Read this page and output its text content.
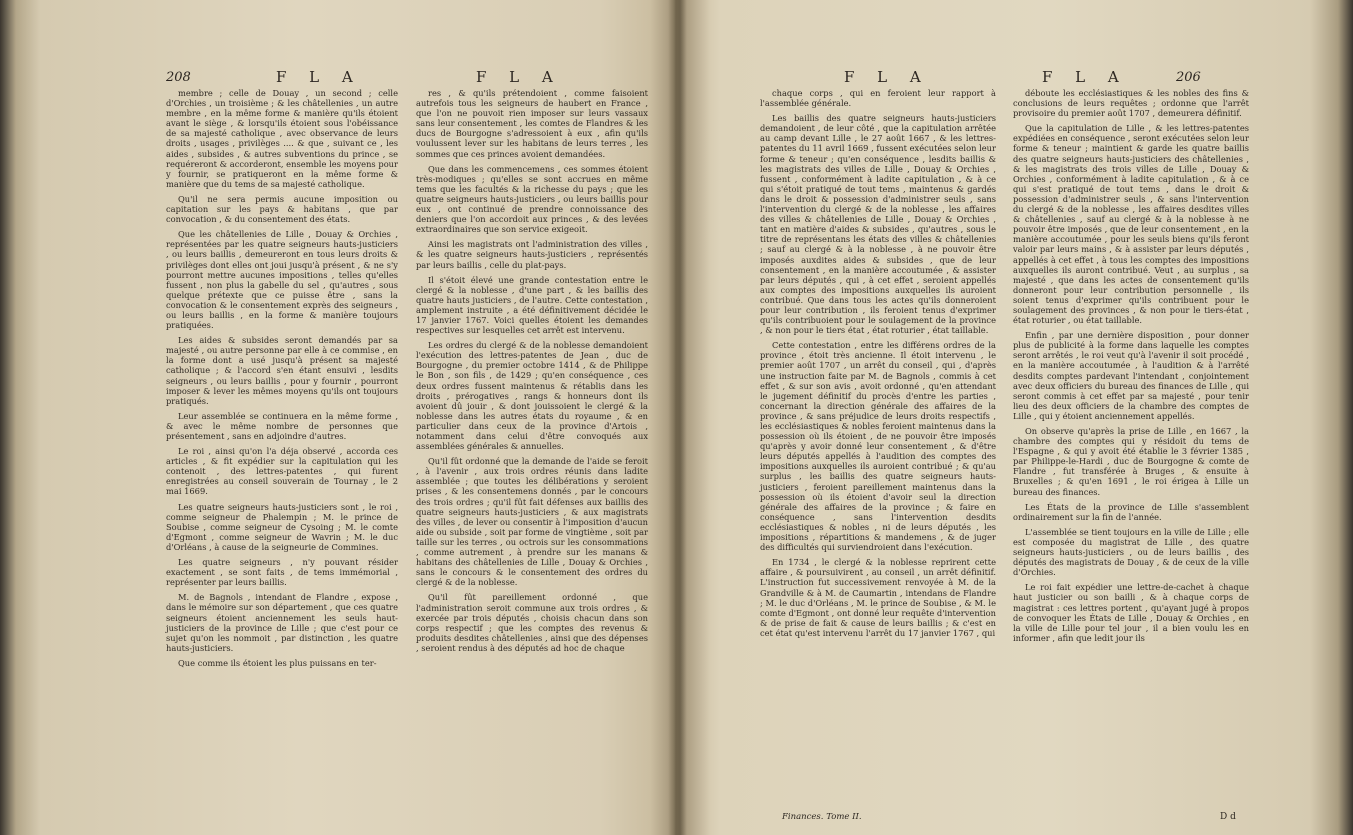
208	F L A	F L A

membre ; celle de Douay , un second ; celle d'Orchies , un troisième ; & les châtellenies , un autre membre , en la même forme & manière qu'ils étoient avant le siège , & lorsqu'ils étoient sous l'obéissance de sa majesté catholique , avec observance de leurs droits , usages , privilèges .... & que , suivant ce , les aides , subsides , & autres subventions du prince , se requéreront & accorderont, ensemble les moyens pour y fournir, se pratiqueront en la même forme & manière que du tems de sa majesté catholique.

Qu'il ne sera permis aucune imposition ou capitation sur les pays & habitans , que par convocation , & du consentement des états.

Que les châtellenies de Lille , Douay & Orchies , représentées par les quatre seigneurs hauts-justiciers , ou leurs baillis , demeureront en tous leurs droits & privilèges dont elles ont joui jusqu'à présent , & ne s'y pourront mettre aucunes impositions , telles qu'elles fussent , non plus la gabelle du sel , qu'autres , sous quelque prétexte que ce puisse être , sans la convocation & le consentement exprès des seigneurs , ou leurs baillis , en la forme & manière toujours pratiquées.

Les aides & subsides seront demandés par sa majesté , ou autre personne par elle à ce commise , en la forme dont a usé jusqu'à présent sa majesté catholique ; & l'accord s'en étant ensuivi , lesdits seigneurs , ou leurs baillis , pour y fournir , pourront imposer & lever les mêmes moyens qu'ils ont toujours pratiqués.

Leur assemblée se continuera en la même forme , & avec le même nombre de personnes que présentement , sans en adjoindre d'autres.

Le roi , ainsi qu'on l'a déja observé , accorda ces articles , & fit expédier sur la capitulation qui les contenoit , des lettres-patentes , qui furent enregistrées au conseil souverain de Tournay , le 2 mai 1669.

Les quatre seigneurs hauts-justiciers sont , le roi , comme seigneur de Phalempin ; M. le prince de Soubise , comme seigneur de Cysoing ; M. le comte d'Egmont , comme seigneur de Wavrin ; M. le duc d'Orléans , à cause de la seigneurie de Commines.

Les quatre seigneurs , n'y pouvant résider exactement , se sont faits , de tems immémorial , représenter par leurs baillis.

M. de Bagnols , intendant de Flandre , expose , dans le mémoire sur son département , que ces quatre seigneurs étoient anciennement les seuls haut-justiciers de la province de Lille ; que c'est pour ce sujet qu'on les nommoit , par distinction , les quatre hauts-justiciers.

Que comme ils étoient les plus puissans en ter-

res , & qu'ils prétendoient , comme faisoient autrefois tous les seigneurs de haubert en France , que l'on ne pouvoit rien imposer sur leurs vassaux sans leur consentement , les comtes de Flandres & les ducs de Bourgogne s'adressoient à eux , afin qu'ils voulussent lever sur les habitans de leurs terres , les sommes que ces princes avoient demandées.

Que dans les commencemens , ces sommes étoient très-modiques ; qu'elles se sont accrues en même tems que les facultés & la richesse du pays ; que les quatre seigneurs hauts-justiciers , ou leurs baillis pour eux , ont continué de prendre connoissance des deniers que l'on accordoit aux princes , & des levées extraordinaires que son service exigeoit.

Ainsi les magistrats ont l'administration des villes , & les quatre seigneurs hauts-justiciers , représentés par leurs baillis , celle du plat-pays.

Il s'étoit élevé une grande contestation entre le clergé & la noblesse , d'une part , & les baillis des quatre hauts justiciers , de l'autre. Cette contestation , amplement instruite , a été définitivement décidée le 17 janvier 1767. Voici quelles étoient les demandes respectives sur lesquelles cet arrêt est intervenu.

Les ordres du clergé & de la noblesse demandoient l'exécution des lettres-patentes de Jean , duc de Bourgogne , du premier octobre 1414 , & de Philippe le Bon , son fils , de 1429 ; qu'en conséquence , ces deux ordres fussent maintenus & rétablis dans les droits , prérogatives , rangs & honneurs dont ils avoient dû jouir , & dont jouissoient le clergé & la noblesse dans les autres états du royaume , & en particulier dans ceux de la province d'Artois , notamment dans celui d'être convoqués aux assemblées générales & annuelles.

Qu'il fût ordonné que la demande de l'aide se feroit , à l'avenir , aux trois ordres réunis dans ladite assemblée ; que toutes les délibérations y seroient prises , & les consentemens donnés , par le concours des trois ordres ; qu'il fût fait défenses aux baillis des quatre seigneurs hauts-justiciers , & aux magistrats des villes , de lever ou consentir à l'imposition d'aucun aide ou subside , soit par forme de vingtième , soit par taille sur les terres , ou octrois sur les consommations , comme autrement , à prendre sur les manans & habitans des châtellenies de Lille , Douay & Orchies , sans le concours & le consentement des ordres du clergé & de la noblesse.

Qu'il fût pareillement ordonné , que l'administration seroit commune aux trois ordres , & exercée par trois députés , choisis chacun dans son corps respectif ; que les comptes des revenus & produits desdites châtellenies , ainsi que des dépenses , seroient rendus à des députés ad hoc de chaque

F L A	F L A	206

chaque corps , qui en feroient leur rapport à l'assemblée générale.

Les baillis des quatre seigneurs hauts-justiciers demandoient , de leur côté , que la capitulation arrêtée au camp devant Lille , le 27 août 1667 , & les lettres-patentes du 11 avril 1669 , fussent exécutées selon leur forme & teneur ; qu'en conséquence , lesdits baillis & les magistrats des villes de Lille , Douay & Orchies , fussent , conformément à ladite capitulation , & à ce qui s'étoit pratiqué de tout tems , maintenus & gardés dans le droit & possession d'administrer seuls , sans l'intervention du clergé & de la noblesse , les affaires des villes & châtellenies de Lille , Douay & Orchies , tant en matière d'aides & subsides , qu'autres , sous le titre de représentans les états des villes & châtellenies ; sauf au clergé & à la noblesse , à ne pouvoir être imposés auxdites aides & subsides , que de leur consentement , en la manière accoutumée , & assister par leurs députés , qui , à cet effet , seroient appellés aux comptes des impositions auxquelles ils auroient contribué. Que dans tous les actes qu'ils donneroient pour leur contribution , ils feroient tenus d'exprimer qu'ils contribuoient pour le soulagement de la province , & non pour le tiers état , état roturier , état taillable.

Cette contestation , entre les différens ordres de la province , étoit très ancienne. Il étoit intervenu , le premier août 1707 , un arrêt du conseil , qui , d'après une instruction faite par M. de Bagnols , commis à cet effet , & sur son avis , avoit ordonné , qu'en attendant le jugement définitif du procès d'entre les parties , concernant la direction générale des affaires de la province , & sans préjudice de leurs droits respectifs , les ecclésiastiques & nobles feroient maintenus dans la possession où ils étoient , de ne pouvoir être imposés qu'après y avoir donné leur consentement , & d'être leurs députés appellés à l'audition des comptes des impositions auxquelles ils auroient contribué ; & qu'au surplus , les baillis des quatre seigneurs hauts-justiciers , feroient pareillement maintenus dans la possession où ils étoient d'avoir seul la direction générale des affaires de la province ; & faire en conséquence , sans l'intervention desdits ecclésiastiques & nobles , ni de leurs députés , les impositions , répartitions & mandemens , & de juger des difficultés qui surviendroient dans l'exécution.

En 1734 , le clergé & la noblesse reprirent cette affaire , & poursuivirent , au conseil , un arrêt définitif. L'instruction fut successivement renvoyée à M. de la Grandville & à M. de Caumartin , intendans de Flandre ; M. le duc d'Orléans , M. le prince de Soubise , & M. le comte d'Egmont , ont donné leur requête d'intervention & de prise de fait & cause de leurs baillis ; & c'est en cet état qu'est intervenu l'arrêt du 17 janvier 1767 , qui

déboute les ecclésiastiques & les nobles des fins & conclusions de leurs requêtes ; ordonne que l'arrêt provisoire du premier août 1707 , demeurera définitif.

Que la capitulation de Lille , & les lettres-patentes expédiées en conséquence , seront exécutées selon leur forme & teneur ; maintient & garde les quatre baillis des quatre seigneurs hauts-justiciers des châtellenies , & les magistrats des trois villes de Lille , Douay & Orchies , conformément à ladite capitulation , & à ce qui s'est pratiqué de tout tems , dans le droit & possession d'administrer seuls , & sans l'intervention du clergé & de la noblesse , les affaires desdites villes & châtellenies , sauf au clergé & à la noblesse à ne pouvoir être imposés , que de leur consentement , en la manière accoutumée , pour les seuls biens qu'ils feront valoir par leurs mains , & à assister par leurs députés , appellés à cet effet , à tous les comptes des impositions auxquelles ils auront contribué. Veut , au surplus , sa majesté , que dans les actes de consentement qu'ils donneront pour leur contribution personnelle , ils soient tenus d'exprimer qu'ils contribuent pour le soulagement des provinces , & non pour le tiers-état , état roturier , ou état taillable.

Enfin , par une dernière disposition , pour donner plus de publicité à la forme dans laquelle les comptes seront arrêtés , le roi veut qu'à l'avenir il soit procédé , en la manière accoutumée , à l'audition & à l'arrêté desdits comptes pardevant l'intendant , conjointement avec deux officiers du bureau des finances de Lille , qui seront commis à cet effet par sa majesté , pour tenir lieu des deux officiers de la chambre des comptes de Lille , qui y étoient anciennement appellés.

On observe qu'après la prise de Lille , en 1667 , la chambre des comptes qui y résidoit du tems de l'Espagne , & qui y avoit été établie le 3 février 1385 , par Philippe-le-Hardi , duc de Bourgogne & comte de Flandre , fut transférée à Bruges , & ensuite à Bruxelles ; & qu'en 1691 , le roi érigea à Lille un bureau des finances.

Les États de la province de Lille s'assemblent ordinairement sur la fin de l'année.

L'assemblée se tient toujours en la ville de Lille ; elle est composée du magistrat de Lille , des quatre seigneurs hauts-justiciers , ou de leurs baillis , des députés des magistrats de Douay , & de ceux de la ville d'Orchies.

Le roi fait expédier une lettre-de-cachet à chaque haut justicier ou son bailli , & à chaque corps de magistrat : ces lettres portent , qu'ayant jugé à propos de convoquer les États de Lille , Douay & Orchies , en la ville de Lille pour tel jour , il a bien voulu les en informer , afin que ledit jour ils

Finances. Tome II.	D d
